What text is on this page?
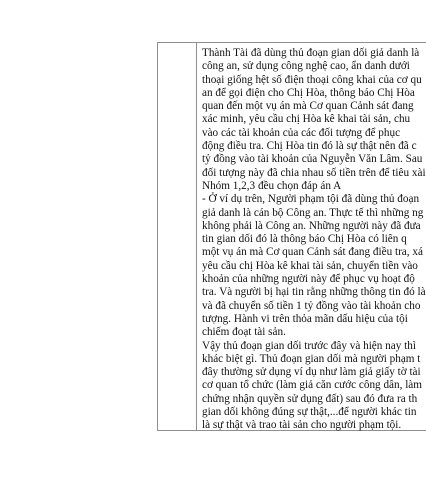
Thành Tài đã dùng thủ đoạn gian dối giả danh là

công an, sử dụng công nghệ cao, ẩn danh dưới

thoại giống hệt số điện thoại công khai của cơ qu

an để gọi điện cho Chị Hòa, thông báo Chị Hòa

quan đến một vụ án mà Cơ quan Cảnh sát đang

xác minh, yêu cầu chị Hòa kê khai tài sản, chu

vào các tài khoản của các đối tượng để phục

động điều tra. Chị Hòa tin đó là sự thật nên đã c

tỷ đồng vào tài khoản của Nguyễn Văn Lâm. Sau

đối tượng này đã chia nhau số tiền trên để tiêu xài

Nhóm 1,2,3 đều chọn đáp án A

- Ở ví dụ trên, Người phạm tội đã dùng thủ đoạn

giả danh là cán bộ Công an. Thực tế thì những ng

không phải là Công an. Những người này đã đưa

tin gian dối đó là thông báo Chị Hòa có liên q

một vụ án mà Cơ quan Cảnh sát đang điều tra, xá

yêu cầu chị Hòa kê khai tài sản, chuyển tiền vào

khoản của những người này để phục vụ hoạt độ

tra. Và người bị hại tin rằng những thông tin đó là

và đã chuyển số tiền 1 tỷ đồng vào tài khoản cho

tượng. Hành vi trên thỏa mãn dấu hiệu của tội

chiếm đoạt tài sản.

Vậy thủ đoạn gian dối trước đây và hiện nay thì

khác biệt gì. Thủ đoạn gian dối mà người phạm t

đây thường sử dụng ví dụ như làm giả giấy tờ tài

cơ quan tổ chức (làm giả căn cước công dân, làm

chứng nhận quyền sử dụng đất) sau đó đưa ra th

gian dối không đúng sự thật,...để người khác tin

là sự thật và trao tài sản cho người phạm tội.
